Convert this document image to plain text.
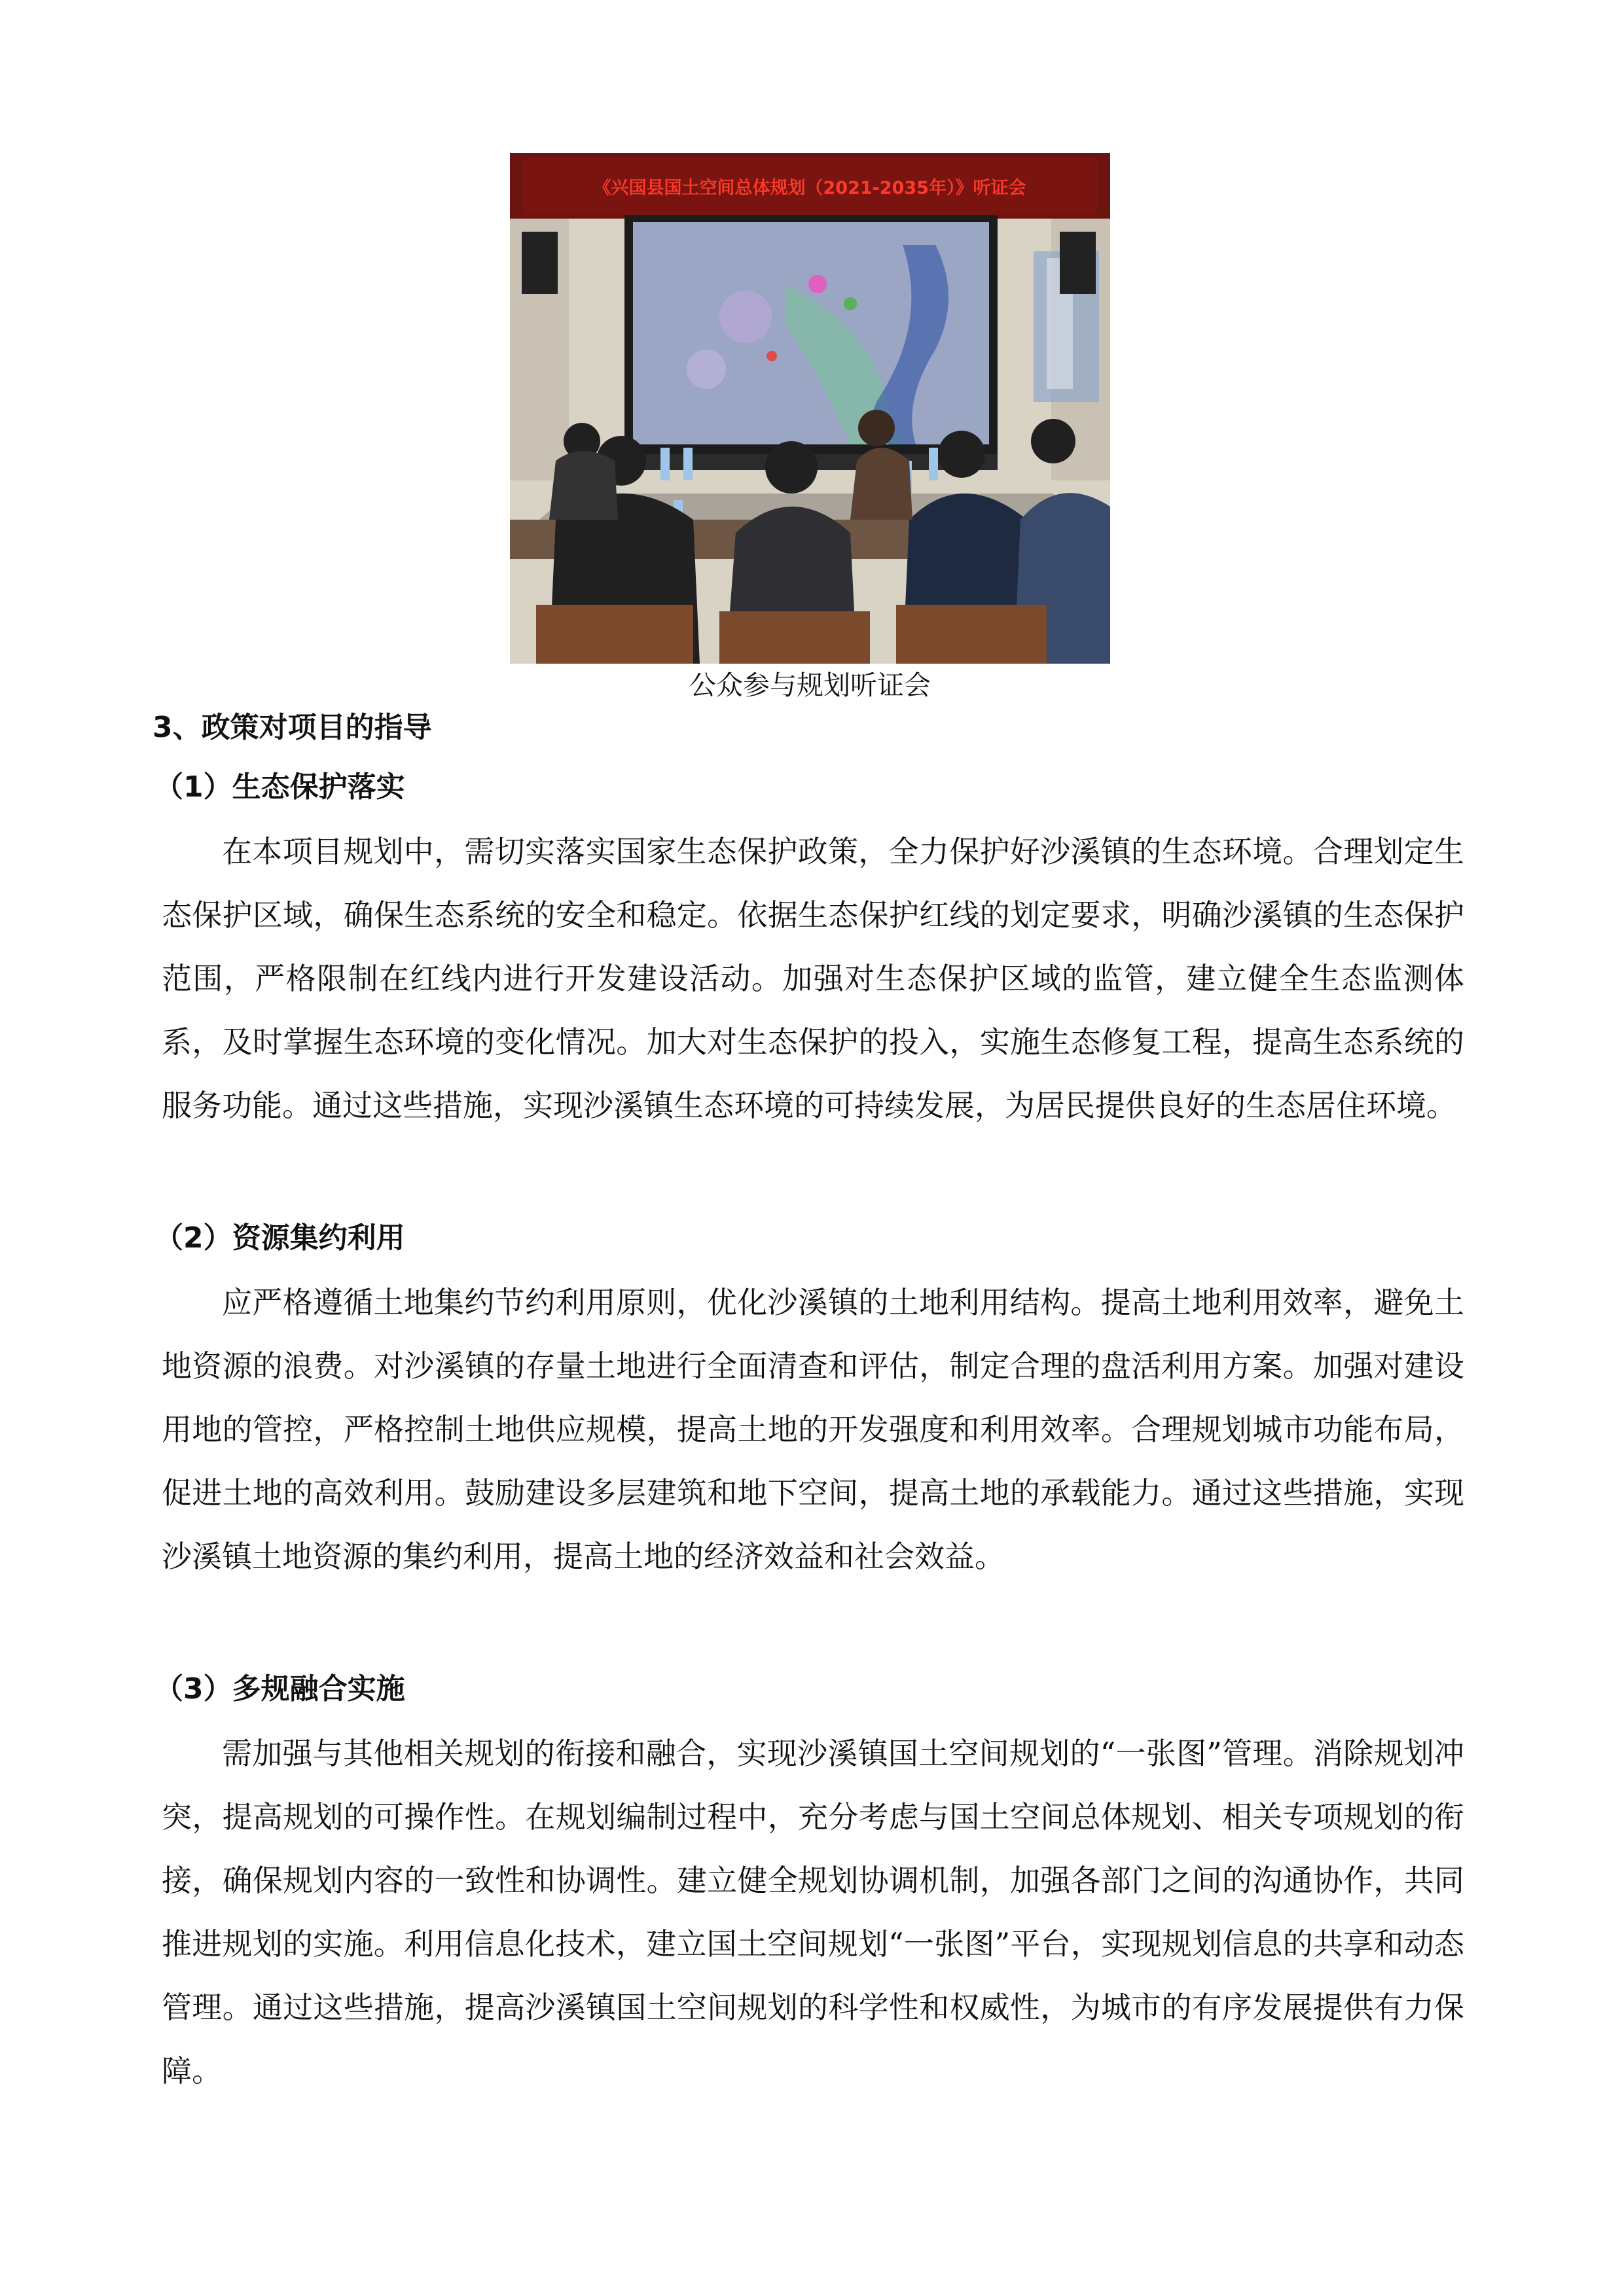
《兴国县国土空间总体规划（2021-2035年）》听证会
公众参与规划听证会
3、政策对项目的指导
（1）生态保护落实

在本项目规划中，需切实落实国家生态保护政策，全力保护好沙溪镇的生态环境。合理划定生态保护区域，确保生态系统的安全和稳定。依据生态保护红线的划定要求，明确沙溪镇的生态保护范围，严格限制在红线内进行开发建设活动。加强对生态保护区域的监管，建立健全生态监测体系，及时掌握生态环境的变化情况。加大对生态保护的投入，实施生态修复工程，提高生态系统的服务功能。通过这些措施，实现沙溪镇生态环境的可持续发展，为居民提供良好的生态居住环境。

（2）资源集约利用

应严格遵循土地集约节约利用原则，优化沙溪镇的土地利用结构。提高土地利用效率，避免土地资源的浪费。对沙溪镇的存量土地进行全面清查和评估，制定合理的盘活利用方案。加强对建设用地的管控，严格控制土地供应规模，提高土地的开发强度和利用效率。合理规划城市功能布局，促进土地的高效利用。鼓励建设多层建筑和地下空间，提高土地的承载能力。通过这些措施，实现沙溪镇土地资源的集约利用，提高土地的经济效益和社会效益。

（3）多规融合实施

需加强与其他相关规划的衔接和融合，实现沙溪镇国土空间规划的“一张图”管理。消除规划冲突，提高规划的可操作性。在规划编制过程中，充分考虑与国土空间总体规划、相关专项规划的衔接，确保规划内容的一致性和协调性。建立健全规划协调机制，加强各部门之间的沟通协作，共同推进规划的实施。利用信息化技术，建立国土空间规划“一张图”平台，实现规划信息的共享和动态管理。通过这些措施，提高沙溪镇国土空间规划的科学性和权威性，为城市的有序发展提供有力保障。
